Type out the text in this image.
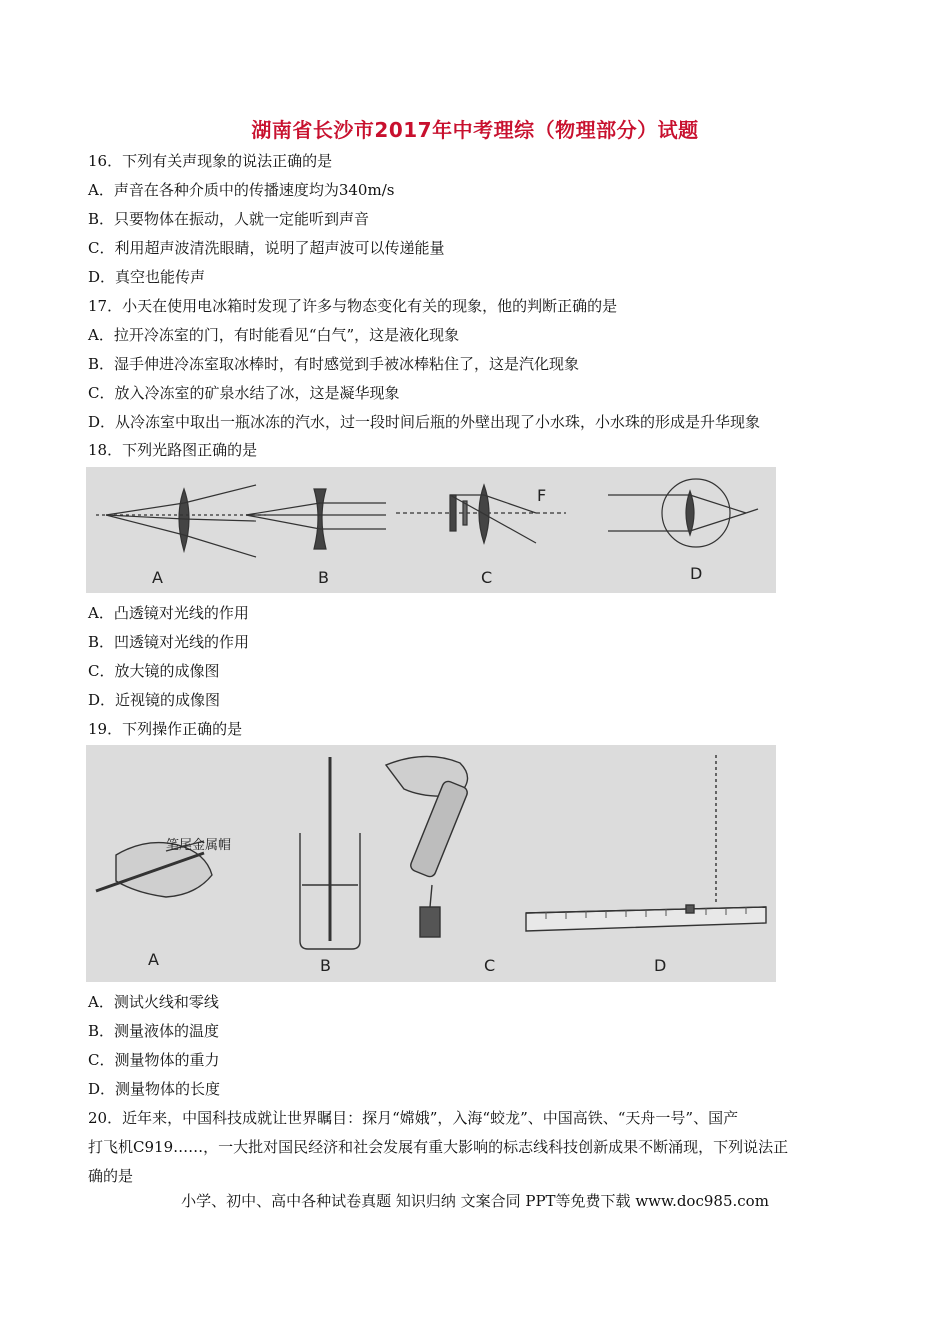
湖南省长沙市2017年中考理综（物理部分）试题
16．下列有关声现象的说法正确的是
A．声音在各种介质中的传播速度均为340m/s
B．只要物体在振动，人就一定能听到声音
C．利用超声波清洗眼睛，说明了超声波可以传递能量
D．真空也能传声
17．小天在使用电冰箱时发现了许多与物态变化有关的现象，他的判断正确的是
A．拉开冷冻室的门，有时能看见“白气”，这是液化现象
B．湿手伸进冷冻室取冰棒时，有时感觉到手被冰棒粘住了，这是汽化现象
C．放入冷冻室的矿泉水结了冰，这是凝华现象
D．从冷冻室中取出一瓶冰冻的汽水，过一段时间后瓶的外壁出现了小水珠，小水珠的形成是升华现象
18．下列光路图正确的是
F
A	B	C	D
A．凸透镜对光线的作用
B．凹透镜对光线的作用
C．放大镜的成像图
D．近视镜的成像图
19．下列操作正确的是
笔尾金属帽
A	B	C	D
A．测试火线和零线
B．测量液体的温度
C．测量物体的重力
D．测量物体的长度
20．近年来，中国科技成就让世界瞩目：探月“嫦娥”，入海“蛟龙”、中国高铁、“天舟一号”、国产
打飞机C919……，一大批对国民经济和社会发展有重大影响的标志线科技创新成果不断涌现，下列说法正
确的是
小学、初中、高中各种试卷真题 知识归纳 文案合同 PPT等免费下载 www.doc985.com
